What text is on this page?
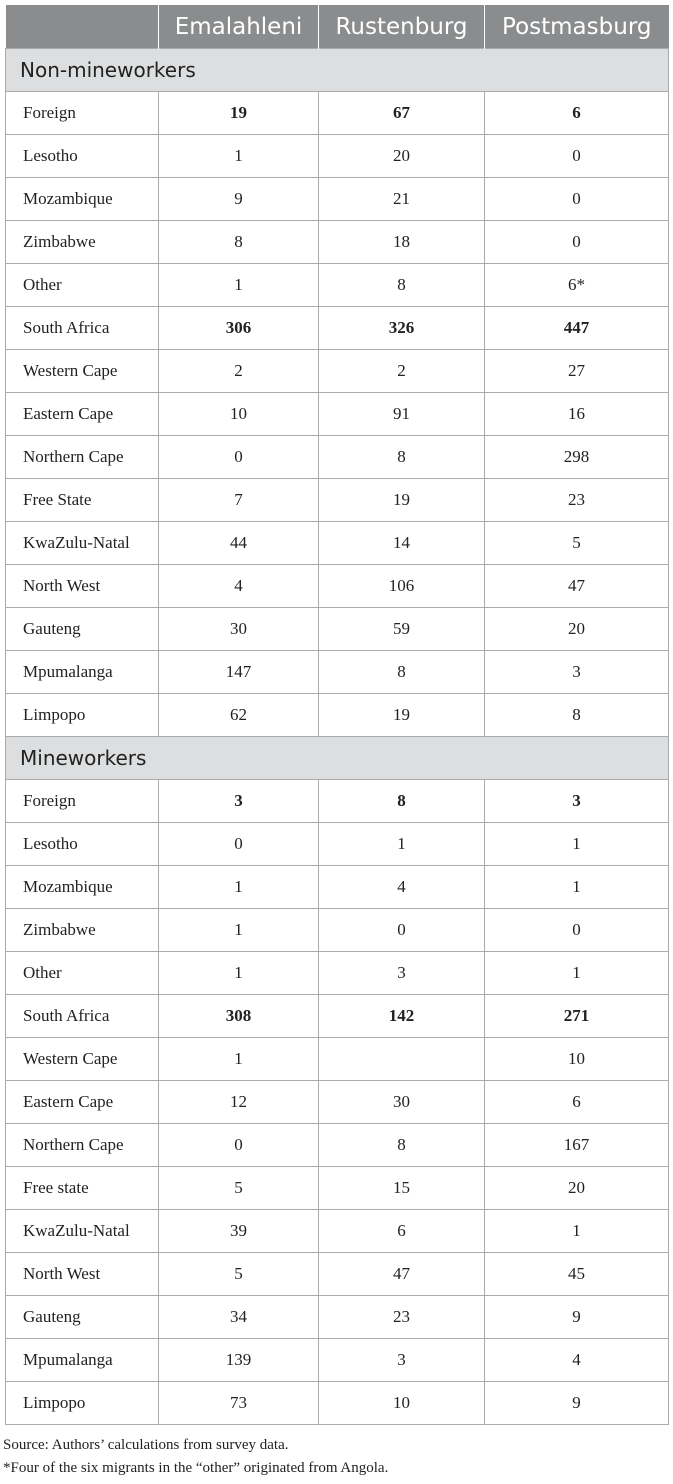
	Emalahleni	Rustenburg	Postmasburg
Non-mineworkers			
Foreign	19	67	6
Lesotho	1	20	0
Mozambique	9	21	0
Zimbabwe	8	18	0
Other	1	8	6*
South Africa	306	326	447
Western Cape	2	2	27
Eastern Cape	10	91	16
Northern Cape	0	8	298
Free State	7	19	23
KwaZulu-Natal	44	14	5
North West	4	106	47
Gauteng	30	59	20
Mpumalanga	147	8	3
Limpopo	62	19	8
Mineworkers			
Foreign	3	8	3
Lesotho	0	1	1
Mozambique	1	4	1
Zimbabwe	1	0	0
Other	1	3	1
South Africa	308	142	271
Western Cape	1		10
Eastern Cape	12	30	6
Northern Cape	0	8	167
Free state	5	15	20
KwaZulu-Natal	39	6	1
North West	5	47	45
Gauteng	34	23	9
Mpumalanga	139	3	4
Limpopo	73	10	9
Source: Authors’ calculations from survey data.
*Four of the six migrants in the “other” originated from Angola.
